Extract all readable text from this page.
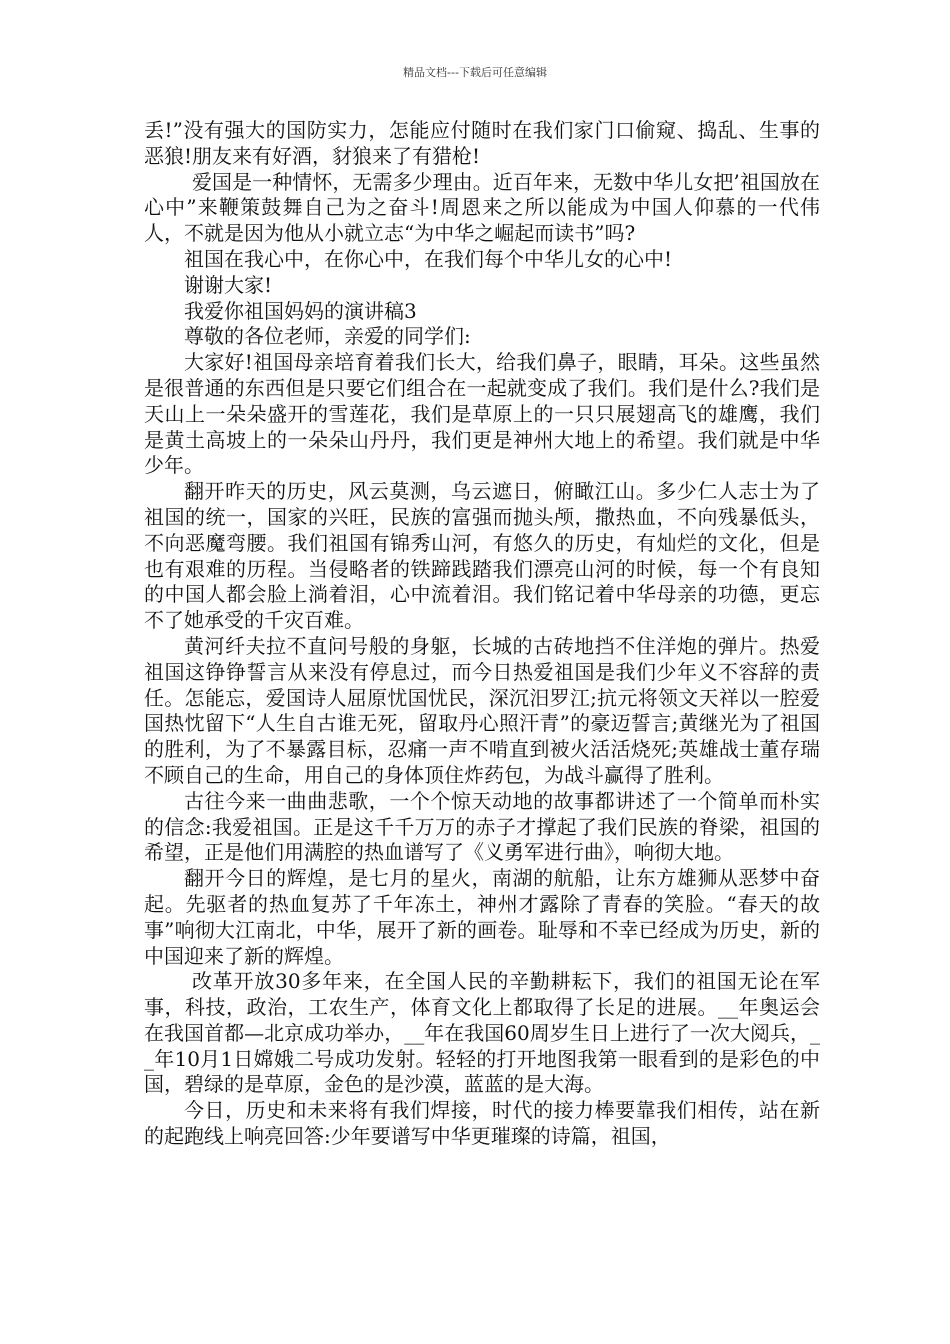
精品文档---下载后可任意编辑

丢!”没有强大的国防实力，怎能应付随时在我们家门口偷窥、捣乱、生事的恶狼!朋友来有好酒，豺狼来了有猎枪!

爱国是一种情怀，无需多少理由。近百年来，无数中华儿女把’祖国放在心中”来鞭策鼓舞自己为之奋斗!周恩来之所以能成为中国人仰慕的一代伟人，不就是因为他从小就立志“为中华之崛起而读书”吗?

祖国在我心中，在你心中，在我们每个中华儿女的心中!

谢谢大家!

我爱你祖国妈妈的演讲稿3

尊敬的各位老师，亲爱的同学们:

大家好!祖国母亲培育着我们长大，给我们鼻子，眼睛，耳朵。这些虽然是很普通的东西但是只要它们组合在一起就变成了我们。我们是什么?我们是天山上一朵朵盛开的雪莲花，我们是草原上的一只只展翅高飞的雄鹰，我们是黄土高坡上的一朵朵山丹丹，我们更是神州大地上的希望。我们就是中华少年。

翻开昨天的历史，风云莫测，乌云遮日，俯瞰江山。多少仁人志士为了祖国的统一，国家的兴旺，民族的富强而抛头颅，撒热血，不向残暴低头，不向恶魔弯腰。我们祖国有锦秀山河，有悠久的历史，有灿烂的文化，但是也有艰难的历程。当侵略者的铁蹄践踏我们漂亮山河的时候，每一个有良知的中国人都会脸上淌着泪，心中流着泪。我们铭记着中华母亲的功德，更忘不了她承受的千灾百难。

黄河纤夫拉不直问号般的身躯，长城的古砖地挡不住洋炮的弹片。热爱祖国这铮铮誓言从来没有停息过，而今日热爱祖国是我们少年义不容辞的责任。怎能忘，爱国诗人屈原忧国忧民，深沉汨罗江;抗元将领文天祥以一腔爱国热忱留下“人生自古谁无死，留取丹心照汗青”的豪迈誓言;黄继光为了祖国的胜利，为了不暴露目标，忍痛一声不啃直到被火活活烧死;英雄战士董存瑞不顾自己的生命，用自己的身体顶住炸药包，为战斗赢得了胜利。

古往今来一曲曲悲歌，一个个惊天动地的故事都讲述了一个简单而朴实的信念:我爱祖国。正是这千千万万的赤子才撑起了我们民族的脊梁，祖国的希望，正是他们用满腔的热血谱写了《义勇军进行曲》，响彻大地。

翻开今日的辉煌，是七月的星火，南湖的航船，让东方雄狮从恶梦中奋起。先驱者的热血复苏了千年冻土，神州才露除了青春的笑脸。“春天的故事”响彻大江南北，中华，展开了新的画卷。耻辱和不幸已经成为历史，新的中国迎来了新的辉煌。

改革开放30多年来，在全国人民的辛勤耕耘下，我们的祖国无论在军事，科技，政治，工农生产，体育文化上都取得了长足的进展。__年奥运会在我国首都—北京成功举办，__年在我国60周岁生日上进行了一次大阅兵，__年10月1日嫦娥二号成功发射。轻轻的打开地图我第一眼看到的是彩色的中国，碧绿的是草原，金色的是沙漠，蓝蓝的是大海。

今日，历史和未来将有我们焊接，时代的接力棒要靠我们相传，站在新的起跑线上响亮回答:少年要谱写中华更璀璨的诗篇，祖国，
